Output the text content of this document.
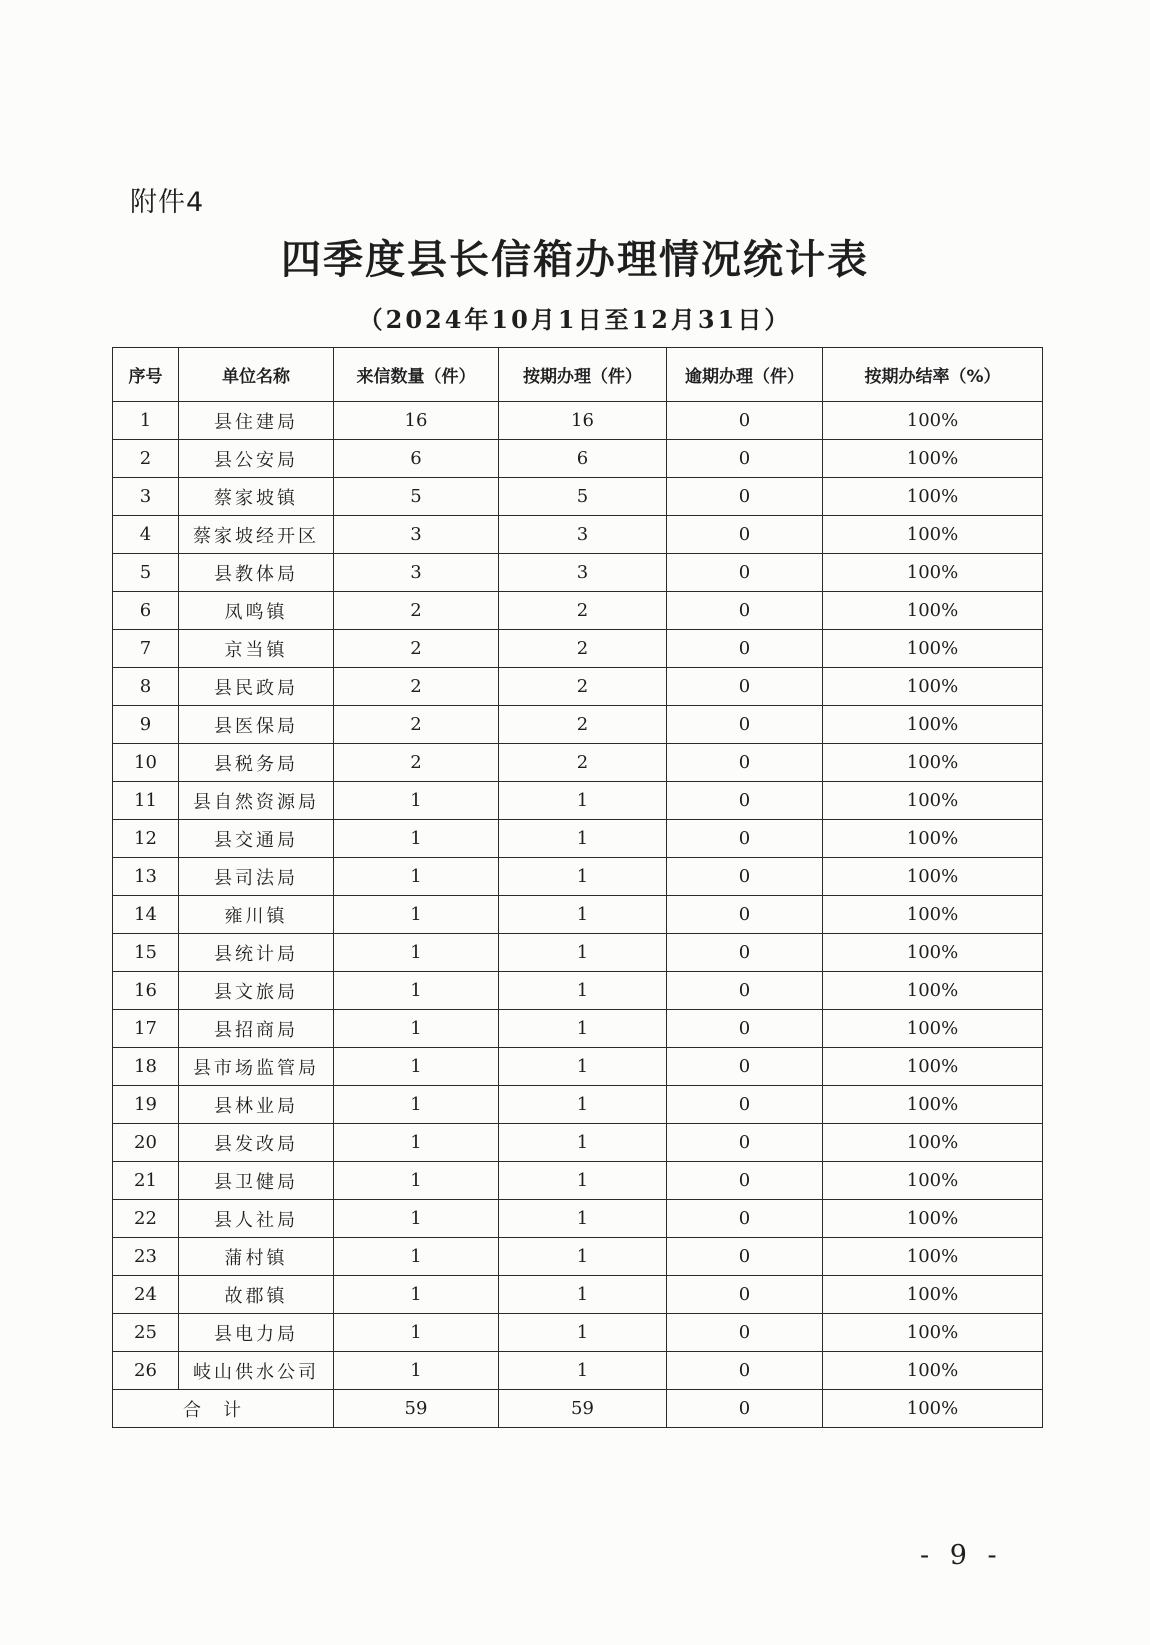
附件4
四季度县长信箱办理情况统计表
（2024年10月1日至12月31日）
序号	单位名称	来信数量（件）	按期办理（件）	逾期办理（件）	按期办结率（%）
1	县住建局	16	16	0	100%
2	县公安局	6	6	0	100%
3	蔡家坡镇	5	5	0	100%
4	蔡家坡经开区	3	3	0	100%
5	县教体局	3	3	0	100%
6	凤鸣镇	2	2	0	100%
7	京当镇	2	2	0	100%
8	县民政局	2	2	0	100%
9	县医保局	2	2	0	100%
10	县税务局	2	2	0	100%
11	县自然资源局	1	1	0	100%
12	县交通局	1	1	0	100%
13	县司法局	1	1	0	100%
14	雍川镇	1	1	0	100%
15	县统计局	1	1	0	100%
16	县文旅局	1	1	0	100%
17	县招商局	1	1	0	100%
18	县市场监管局	1	1	0	100%
19	县林业局	1	1	0	100%
20	县发改局	1	1	0	100%
21	县卫健局	1	1	0	100%
22	县人社局	1	1	0	100%
23	蒲村镇	1	1	0	100%
24	故郡镇	1	1	0	100%
25	县电力局	1	1	0	100%
26	岐山供水公司	1	1	0	100%
合计		59	59	0	100%
- 9 -
